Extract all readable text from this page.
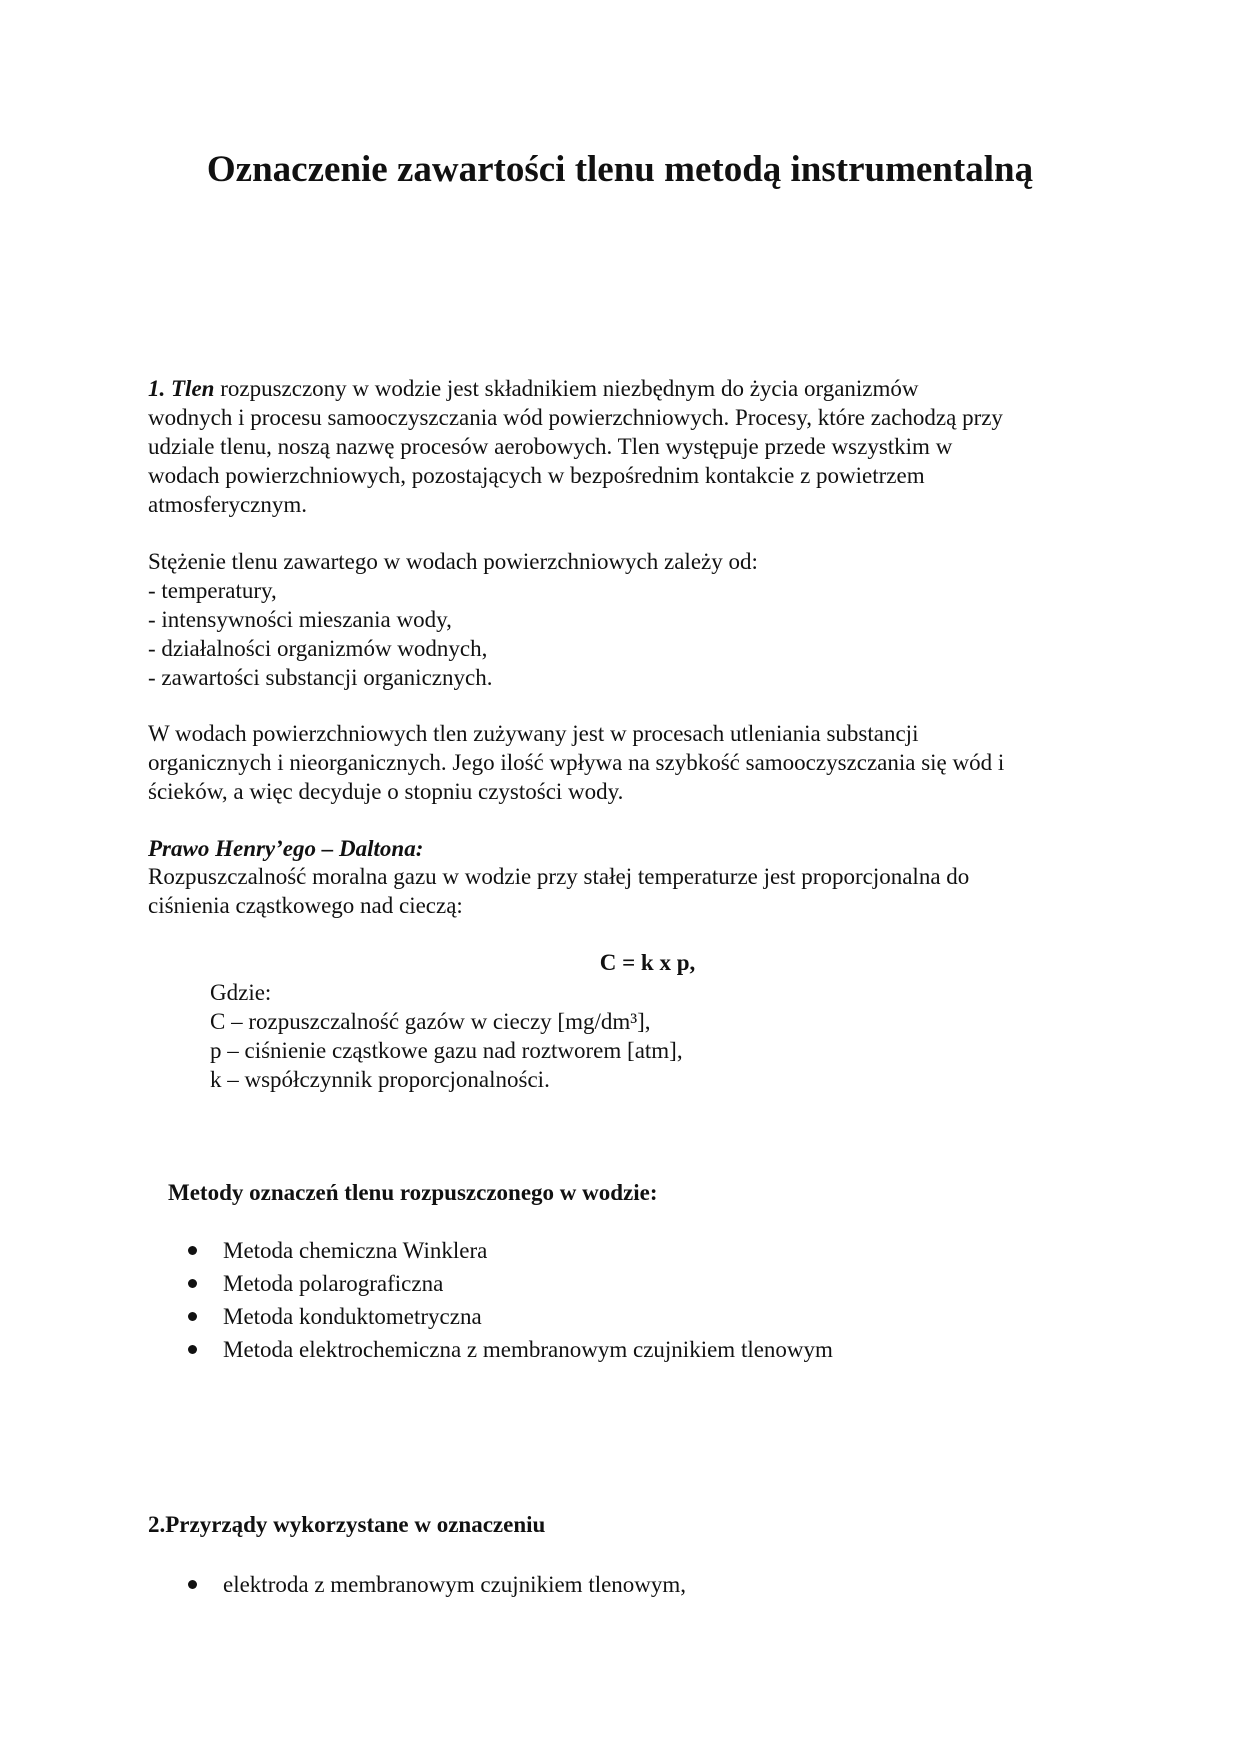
Oznaczenie zawartości tlenu metodą instrumentalną

1. Tlen rozpuszczony w wodzie jest składnikiem niezbędnym do życia organizmów
wodnych i procesu samooczyszczania wód powierzchniowych. Procesy, które zachodzą przy
udziale tlenu, noszą nazwę procesów aerobowych. Tlen występuje przede wszystkim w
wodach powierzchniowych, pozostających w bezpośrednim kontakcie z powietrzem
atmosferycznym.

Stężenie tlenu zawartego w wodach powierzchniowych zależy od:
- temperatury,
- intensywności mieszania wody,
- działalności organizmów wodnych,
- zawartości substancji organicznych.

W wodach powierzchniowych tlen zużywany jest w procesach utleniania substancji
organicznych i nieorganicznych. Jego ilość wpływa na szybkość samooczyszczania się wód i
ścieków, a więc decyduje o stopniu czystości wody.

Prawo Henry’ego – Daltona:

Rozpuszczalność moralna gazu w wodzie przy stałej temperaturze jest proporcjonalna do
ciśnienia cząstkowego nad cieczą:

C = k x p,

Gdzie:
C – rozpuszczalność gazów w cieczy [mg/dm³],
p – ciśnienie cząstkowe gazu nad roztworem [atm],
k – współczynnik proporcjonalności.

Metody oznaczeń tlenu rozpuszczonego w wodzie:

Metoda chemiczna Winklera
Metoda polarograficzna
Metoda konduktometryczna
Metoda elektrochemiczna z membranowym czujnikiem tlenowym

2.Przyrządy wykorzystane w oznaczeniu

elektroda z membranowym czujnikiem tlenowym,
